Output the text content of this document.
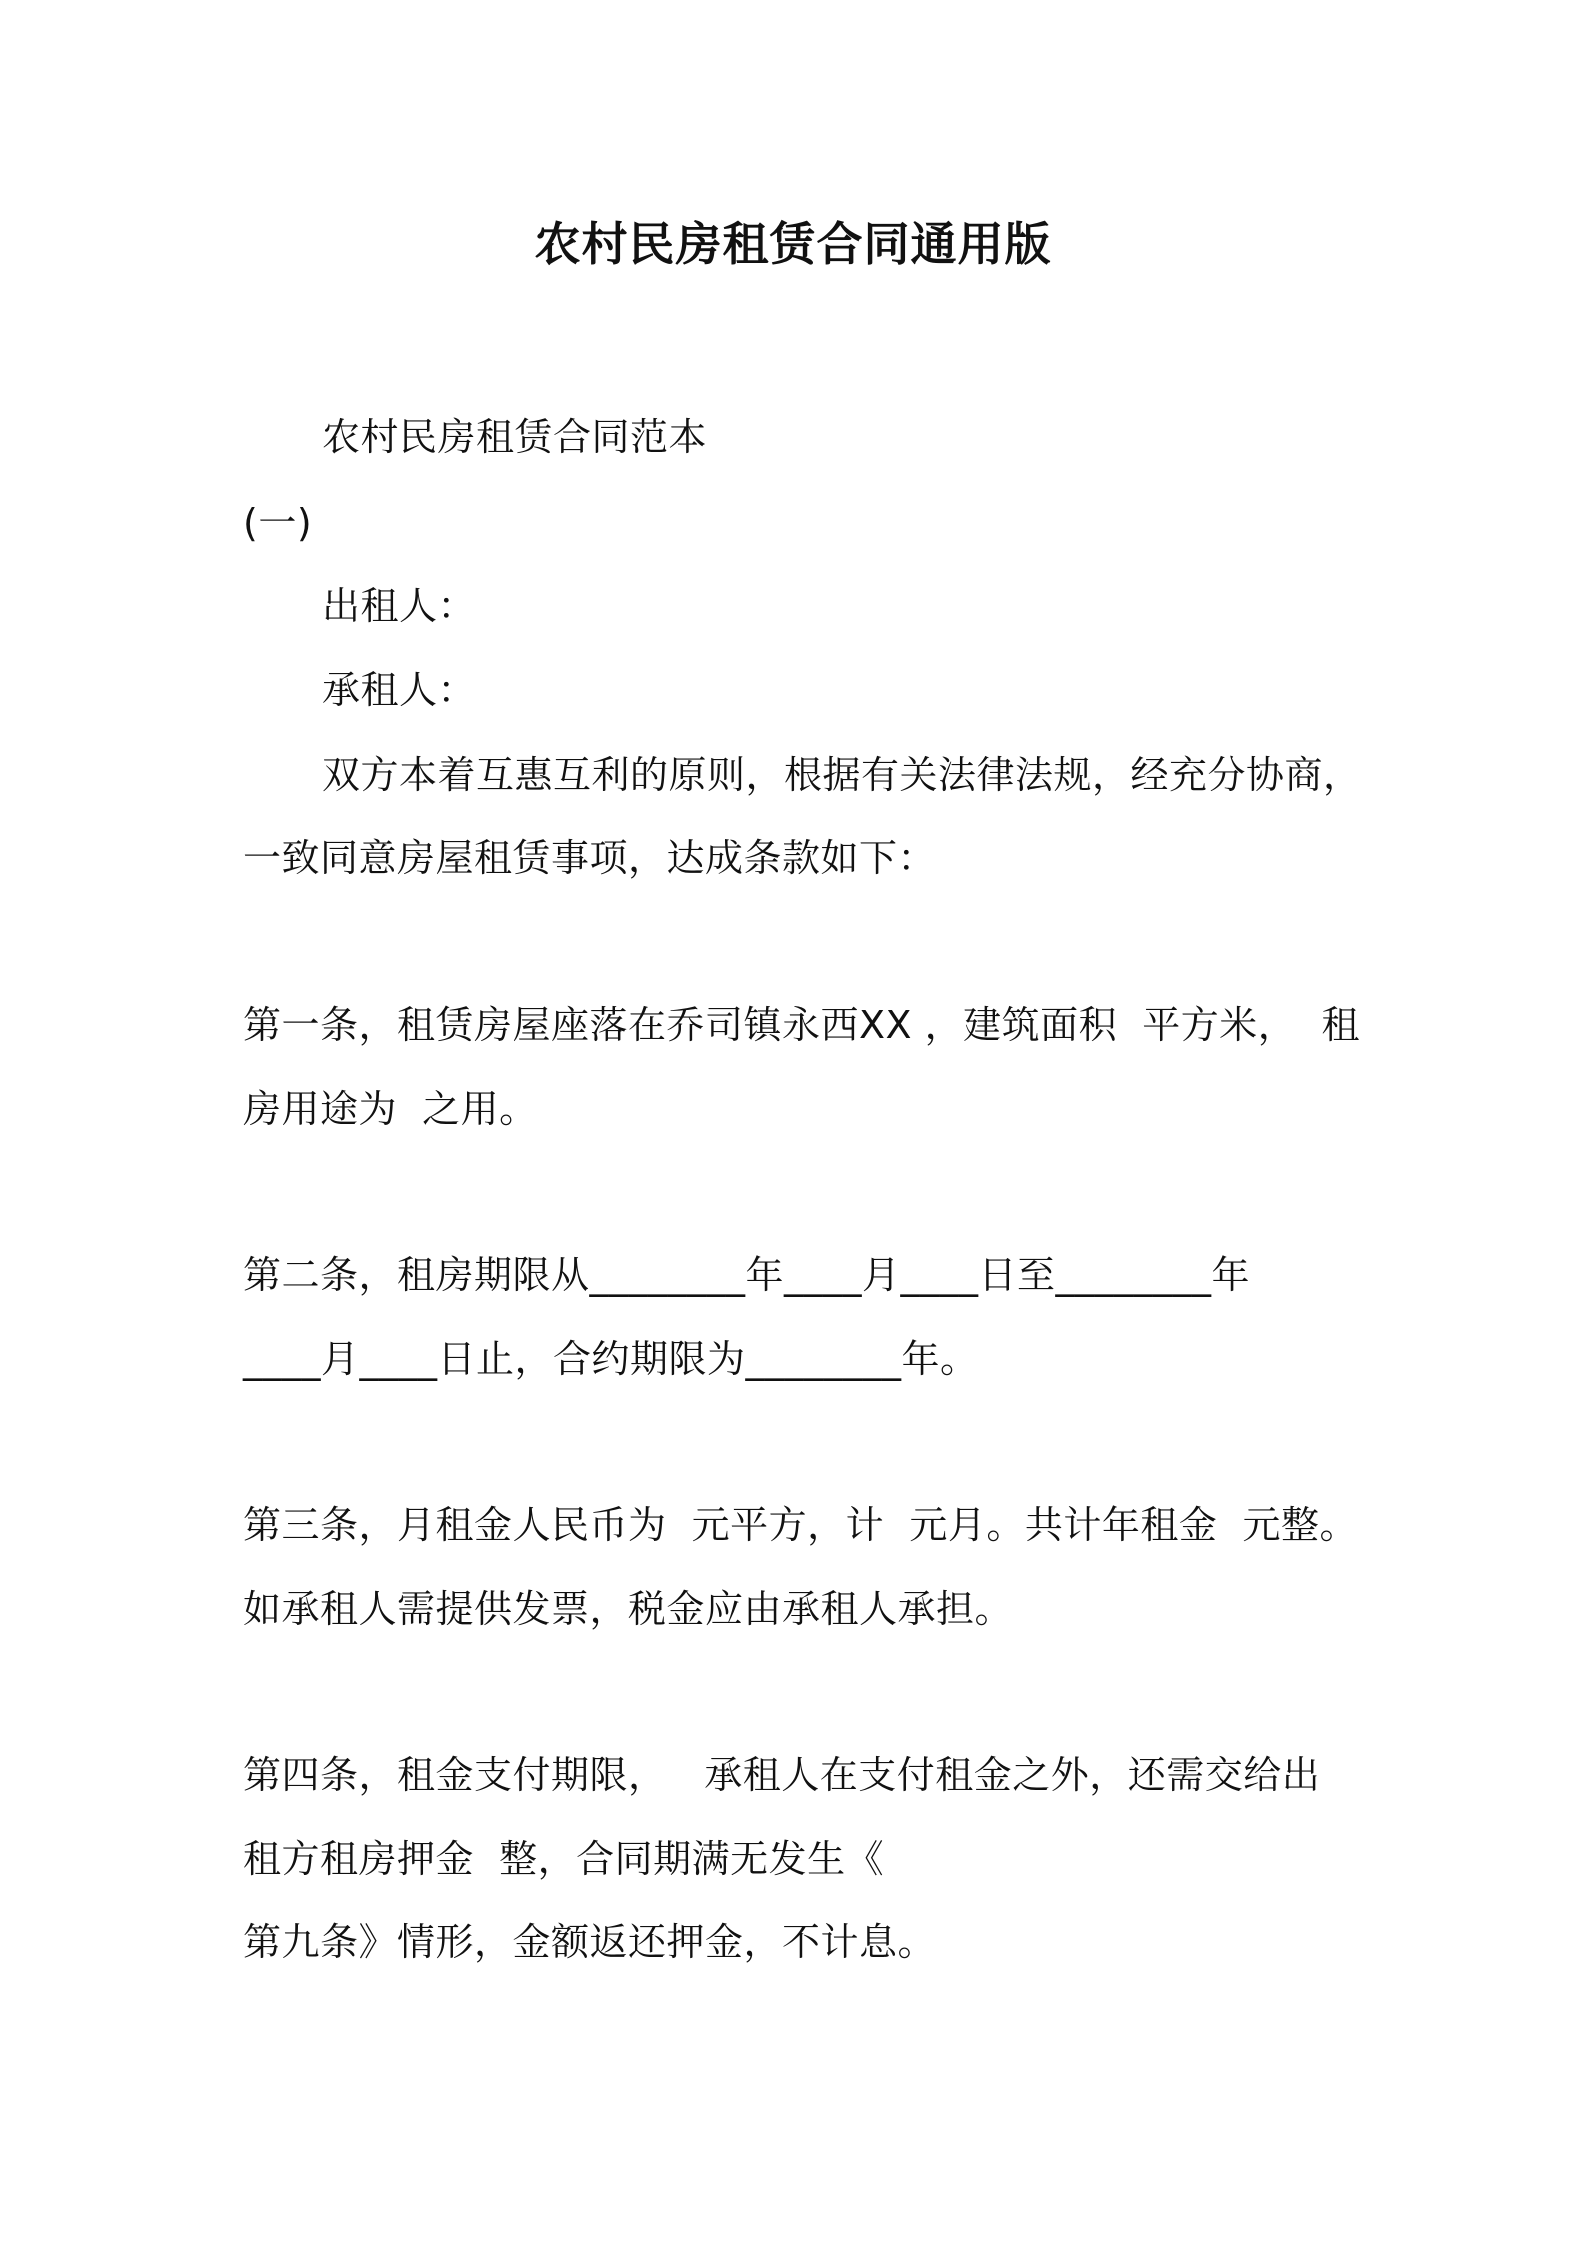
农村民房租赁合同通用版
农村民房租赁合同范本
(一)
出租人：
承租人：
双方本着互惠互利的原则，根据有关法律法规，经充分协商，
一致同意房屋租赁事项，达成条款如下：
第一条，租赁房屋座落在乔司镇永西XX ，建筑面积  平方米，  租
房用途为  之用。
第二条，租房期限从________年____月____日至________年
____月____日止，合约期限为________年。
第三条，月租金人民币为  元平方，计  元月。共计年租金  元整。
如承租人需提供发票，税金应由承租人承担。
第四条，租金支付期限，   承租人在支付租金之外，还需交给出
租方租房押金  整，合同期满无发生《
第九条》情形，金额返还押金，不计息。
